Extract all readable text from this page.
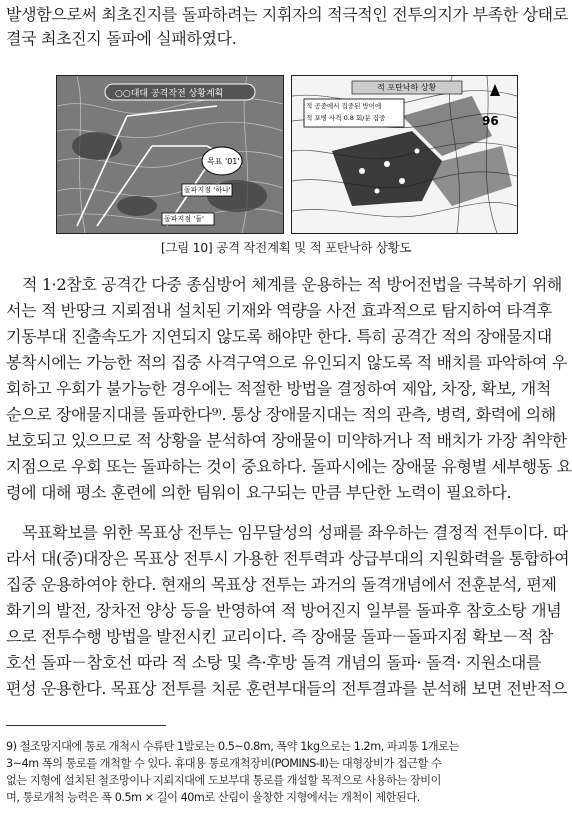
발생함으로써 최초진지를 돌파하려는 지휘자의 적극적인 전투의지가 부족한 상태로
결국 최초진지 돌파에 실패하였다.
○○대대 공격작전 상황계획
목표 '01'
돌파지점 '하나'
돌파지점 '둘'
적 포탄낙하 상황
적 공중에서 집중된 방어에
적 포병 사격 0.8 회/분 집중	96
[그림 10] 공격 작전계획 및 적 포탄낙하 상황도
적 1·2참호 공격간 다중 종심방어 체계를 운용하는 적 방어전법을 극복하기 위해
서는 적 반땅크 지뢰점내 설치된 기재와 역량을 사전 효과적으로 탐지하여 타격후
기동부대 진출속도가 지연되지 않도록 해야만 한다. 특히 공격간 적의 장애물지대
봉착시에는 가능한 적의 집중 사격구역으로 유인되지 않도록 적 배치를 파악하여 우
회하고 우회가 불가능한 경우에는 적절한 방법을 결정하여 제압, 차장, 확보, 개척
순으로 장애물지대를 돌파한다⁹⁾. 통상 장애물지대는 적의 관측, 병력, 화력에 의해
보호되고 있으므로 적 상황을 분석하여 장애물이 미약하거나 적 배치가 가장 취약한
지점으로 우회 또는 돌파하는 것이 중요하다. 돌파시에는 장애물 유형별 세부행동 요
령에 대해 평소 훈련에 의한 팀워이 요구되는 만큼 부단한 노력이 필요하다.
목표확보를 위한 목표상 전투는 임무달성의 성패를 좌우하는 결정적 전투이다. 따
라서 대(중)대장은 목표상 전투시 가용한 전투력과 상급부대의 지원화력을 통합하여
집중 운용하여야 한다. 현재의 목표상 전투는 과거의 돌격개념에서 전훈분석, 편제
화기의 발전, 장차전 양상 등을 반영하여 적 방어진지 일부를 돌파후 참호소탕 개념
으로 전투수행 방법을 발전시킨 교리이다. 즉 장애물 돌파－돌파지점 확보－적 참
호선 돌파－참호선 따라 적 소탕 및 측·후방 돌격 개념의 돌파· 돌격· 지원소대를
편성 운용한다. 목표상 전투를 치룬 훈련부대들의 전투결과를 분석해 보면 전반적으
9) 철조망지대에 통로 개척시 수류탄 1발로는 0.5~0.8m, 폭약 1kg으로는 1.2m, 파괴통 1개로는
3~4m 폭의 통로를 개척할 수 있다. 휴대용 통로개척장비(POMINS-Ⅱ)는 대형장비가 접근할 수
없는 지형에 설치된 철조망이나 지뢰지대에 도보부대 통로를 개설할 목적으로 사용하는 장비이
며, 통로개척 능력은 폭 0.5m × 길이 40m로 산림이 울창한 지형에서는 개척이 제한된다.
